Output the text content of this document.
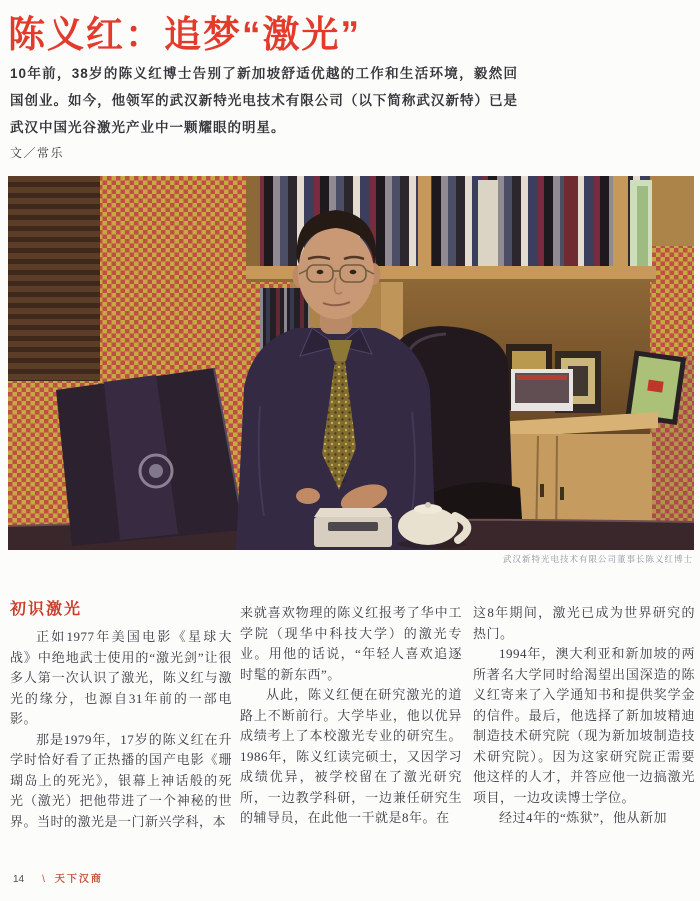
陈义红：追梦“激光”

10年前，38岁的陈义红博士告别了新加坡舒适优越的工作和生活环境，毅然回国创业。如今，他领军的武汉新特光电技术有限公司（以下简称武汉新特）已是武汉中国光谷激光产业中一颗耀眼的明星。

文／常乐
武汉新特光电技术有限公司董事长陈义红博士
初识激光

正如1977年美国电影《星球大战》中绝地武士使用的“激光剑”让很多人第一次认识了激光，陈义红与激光的缘分，也源自31年前的一部电影。

那是1979年，17岁的陈义红在升学时恰好看了正热播的国产电影《珊瑚岛上的死光》，银幕上神话般的死光（激光）把他带进了一个神秘的世界。当时的激光是一门新兴学科，本

来就喜欢物理的陈义红报考了华中工学院（现华中科技大学）的激光专业。用他的话说，“年轻人喜欢追逐时髦的新东西”。

从此，陈义红便在研究激光的道路上不断前行。大学毕业，他以优异成绩考上了本校激光专业的研究生。1986年，陈义红读完硕士，又因学习成绩优异，被学校留在了激光研究所，一边教学科研，一边兼任研究生的辅导员，在此他一干就是8年。在

这8年期间，激光已成为世界研究的热门。

1994年，澳大利亚和新加坡的两所著名大学同时给渴望出国深造的陈义红寄来了入学通知书和提供奖学金的信件。最后，他选择了新加坡精迪制造技术研究院（现为新加坡制造技术研究院）。因为这家研究院正需要他这样的人才，并答应他一边搞激光项目，一边攻读博士学位。

经过4年的“炼狱”，他从新加

14 \ 天下汉商
